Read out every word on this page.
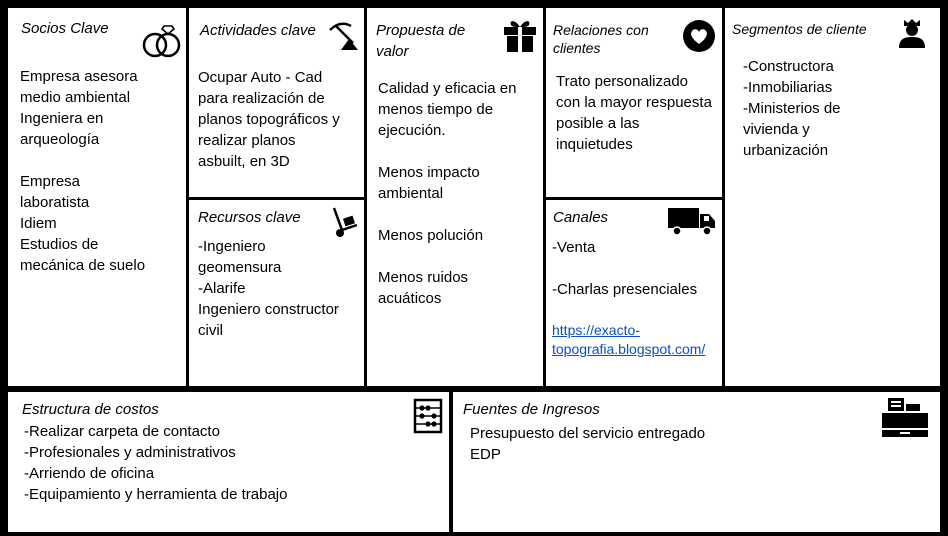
Socios Clave
Empresa asesora
medio ambiental
Ingeniera en
arqueología

Empresa
laboratista
Idiem
Estudios de
mecánica de suelo
Actividades clave
Ocupar Auto - Cad
para realización de
planos topográficos y
realizar planos
asbuilt, en 3D
Recursos clave
-Ingeniero
geomensura
-Alarife
Ingeniero constructor
civil
Propuesta de
valor
Calidad y eficacia en
menos tiempo de
ejecución.

Menos impacto
ambiental

Menos polución

Menos ruidos
acuáticos
Relaciones con
clientes
Trato personalizado
con la mayor respuesta
posible a las
inquietudes
Canales
-Venta

-Charlas presenciales
https://exacto-
topografia.blogspot.com/
Segmentos de cliente
-Constructora
-Inmobiliarias
-Ministerios de
vivienda y
urbanización
Estructura de costos
-Realizar carpeta de contacto
-Profesionales y administrativos
-Arriendo de oficina
-Equipamiento y herramienta de trabajo
Fuentes de Ingresos
Presupuesto del servicio entregado
EDP
